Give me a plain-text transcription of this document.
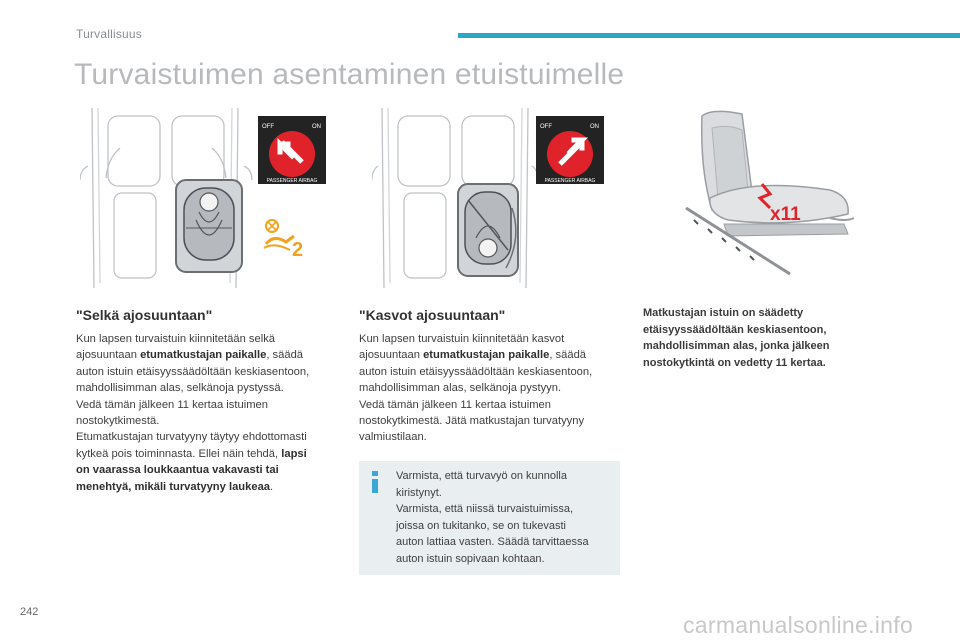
Turvallisuus
Turvaistuimen asentaminen etuistuimelle
OFF	ON
PASSENGER AIRBAG
2
OFF	ON
PASSENGER AIRBAG
x11
"Selkä ajosuuntaan"
Kun lapsen turvaistuin kiinnitetään selkä
ajosuuntaan etumatkustajan paikalle, säädä
auton istuin etäisyyssäädöltään keskiasentoon,
mahdollisimman alas, selkänoja pystyssä.
Vedä tämän jälkeen 11 kertaa istuimen
nostokytkimestä.
Etumatkustajan turvatyyny täytyy ehdottomasti
kytkeä pois toiminnasta. Ellei näin tehdä, lapsi
on vaarassa loukkaantua vakavasti tai
menehtyä, mikäli turvatyyny laukeaa.
"Kasvot ajosuuntaan"
Kun lapsen turvaistuin kiinnitetään kasvot
ajosuuntaan etumatkustajan paikalle, säädä
auton istuin etäisyyssäädöltään keskiasentoon,
mahdollisimman alas, selkänoja pystyyn.
Vedä tämän jälkeen 11 kertaa istuimen
nostokytkimestä. Jätä matkustajan turvatyyny
valmiustilaan.
Varmista, että turvavyö on kunnolla
kiristynyt.
Varmista, että niissä turvaistuimissa,
joissa on tukitanko, se on tukevasti
auton lattiaa vasten. Säädä tarvittaessa
auton istuin sopivaan kohtaan.
Matkustajan istuin on säädetty
etäisyyssäädöltään keskiasentoon,
mahdollisimman alas, jonka jälkeen
nostokytkintä on vedetty 11 kertaa.
242	carmanualsonline.info
